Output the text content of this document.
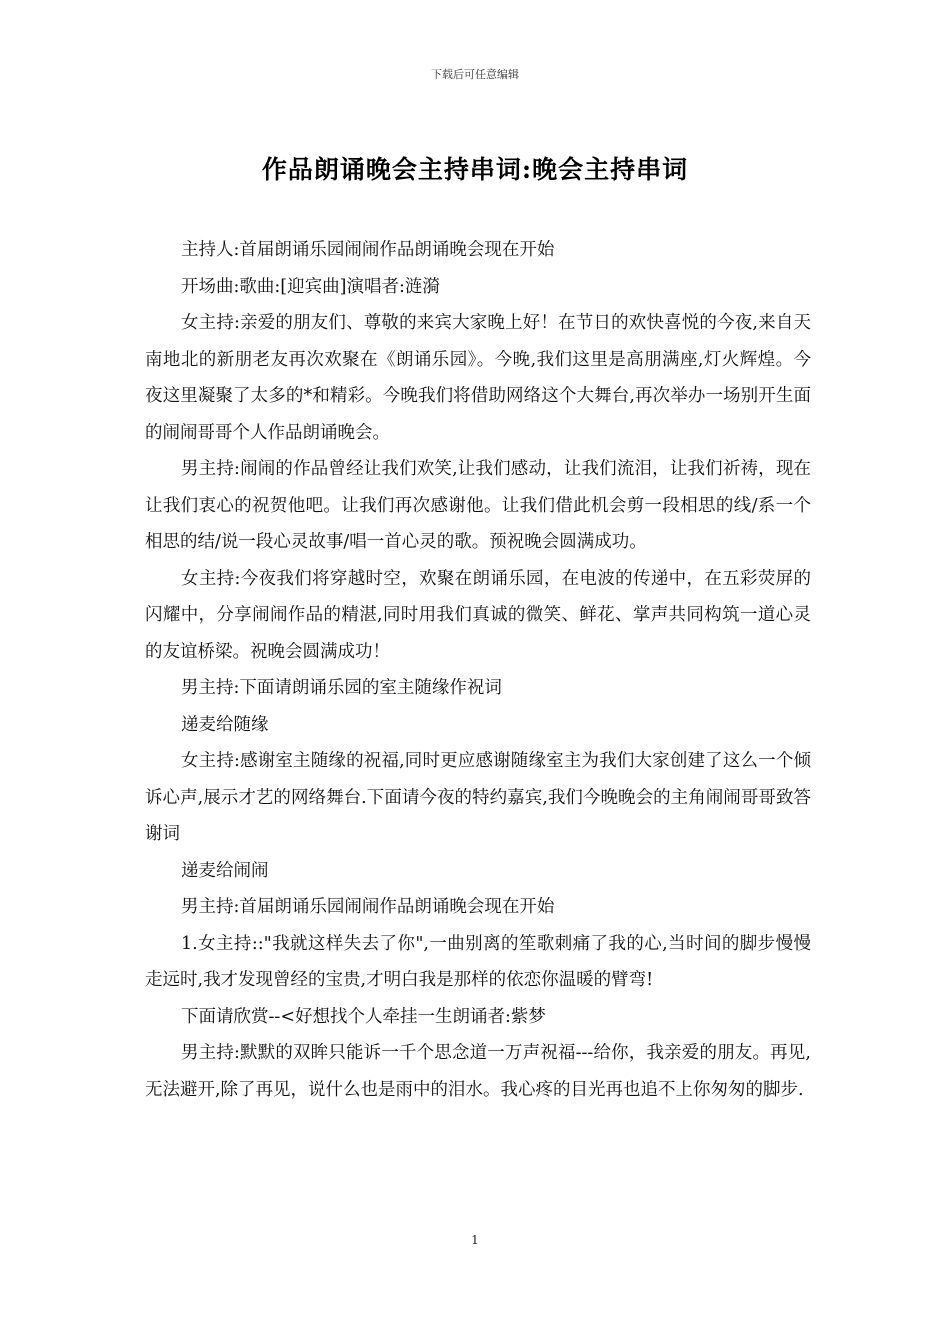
下载后可任意编辑
作品朗诵晚会主持串词:晚会主持串词

主持人:首届朗诵乐园闹闹作品朗诵晚会现在开始

开场曲:歌曲:[迎宾曲]演唱者:涟漪

女主持:亲爱的朋友们、尊敬的来宾大家晚上好！在节日的欢快喜悦的今夜,来自天南地北的新朋老友再次欢聚在《朗诵乐园》。今晚,我们这里是高朋满座,灯火辉煌。今夜这里凝聚了太多的*和精彩。今晚我们将借助网络这个大舞台,再次举办一场别开生面的闹闹哥哥个人作品朗诵晚会。

男主持:闹闹的作品曾经让我们欢笑,让我们感动，让我们流泪，让我们祈祷，现在让我们衷心的祝贺他吧。让我们再次感谢他。让我们借此机会剪一段相思的线/系一个相思的结/说一段心灵故事/唱一首心灵的歌。预祝晚会圆满成功。

女主持:今夜我们将穿越时空，欢聚在朗诵乐园，在电波的传递中，在五彩荧屏的闪耀中，分享闹闹作品的精湛,同时用我们真诚的微笑、鲜花、掌声共同构筑一道心灵的友谊桥梁。祝晚会圆满成功！

男主持:下面请朗诵乐园的室主随缘作祝词

递麦给随缘

女主持:感谢室主随缘的祝福,同时更应感谢随缘室主为我们大家创建了这么一个倾诉心声,展示才艺的网络舞台.下面请今夜的特约嘉宾,我们今晚晚会的主角闹闹哥哥致答谢词

递麦给闹闹

男主持:首届朗诵乐园闹闹作品朗诵晚会现在开始

1.女主持::"我就这样失去了你",一曲别离的笙歌刺痛了我的心,当时间的脚步慢慢走远时,我才发现曾经的宝贵,才明白我是那样的依恋你温暖的臂弯!

下面请欣赏--<好想找个人牵挂一生朗诵者:紫梦

男主持:默默的双眸只能诉一千个思念道一万声祝福---给你，我亲爱的朋友。再见,无法避开,除了再见，说什么也是雨中的泪水。我心疼的目光再也追不上你匆匆的脚步.

1
